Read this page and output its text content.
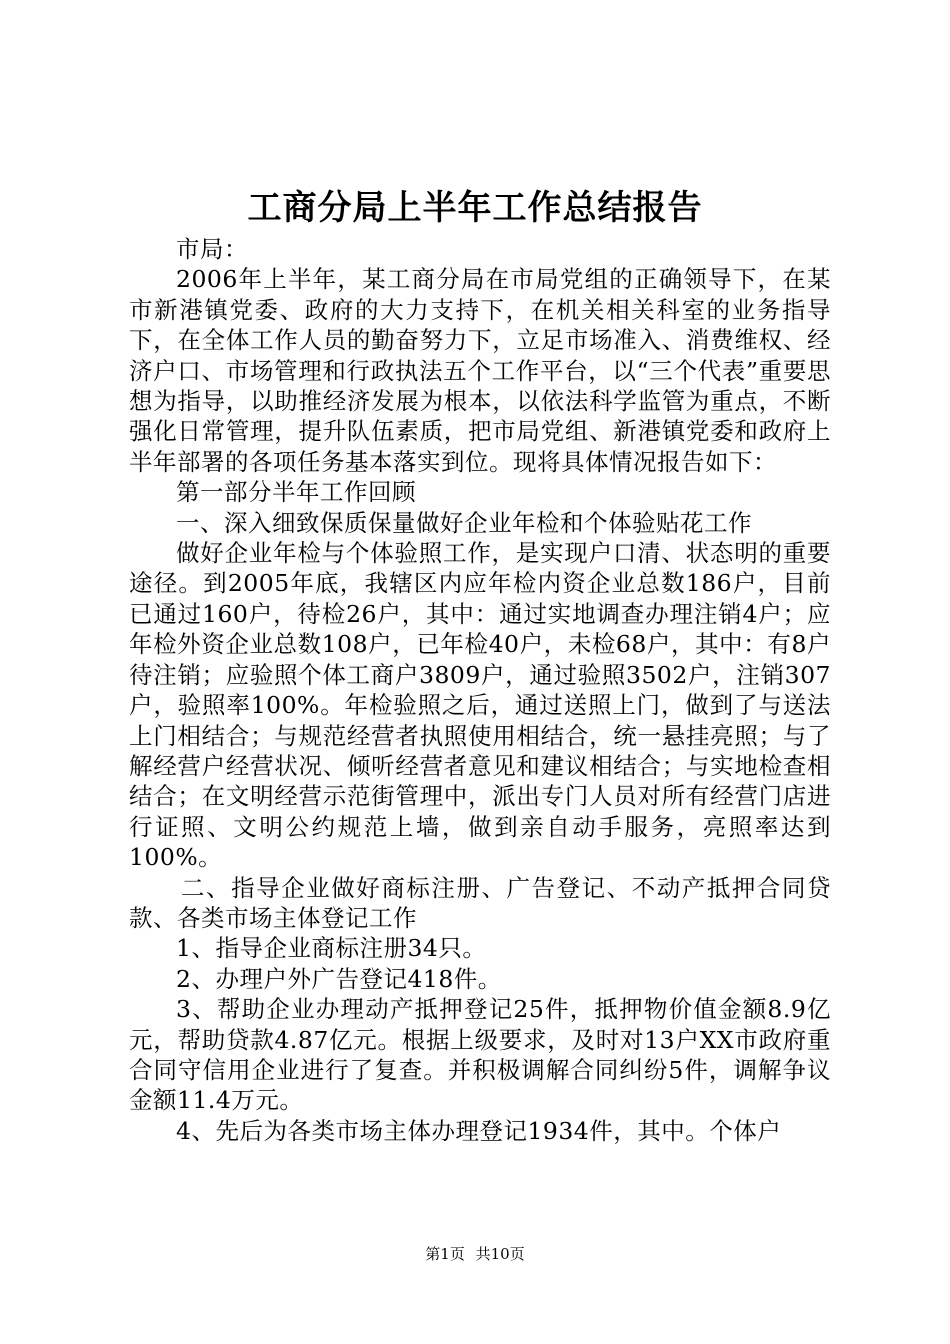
工商分局上半年工作总结报告

市局：

2006年上半年，某工商分局在市局党组的正确领导下，在某市新港镇党委、政府的大力支持下，在机关相关科室的业务指导下，在全体工作人员的勤奋努力下，立足市场准入、消费维权、经济户口、市场管理和行政执法五个工作平台，以“三个代表”重要思想为指导，以助推经济发展为根本，以依法科学监管为重点，不断强化日常管理，提升队伍素质，把市局党组、新港镇党委和政府上半年部署的各项任务基本落实到位。现将具体情况报告如下：

第一部分半年工作回顾

一、深入细致保质保量做好企业年检和个体验贴花工作

做好企业年检与个体验照工作，是实现户口清、状态明的重要途径。到2005年底，我辖区内应年检内资企业总数186户，目前已通过160户，待检26户，其中：通过实地调查办理注销4户；应年检外资企业总数108户，已年检40户，未检68户，其中：有8户待注销；应验照个体工商户3809户，通过验照3502户，注销307户，验照率100%。年检验照之后，通过送照上门，做到了与送法上门相结合；与规范经营者执照使用相结合，统一悬挂亮照；与了解经营户经营状况、倾听经营者意见和建议相结合；与实地检查相结合；在文明经营示范街管理中，派出专门人员对所有经营门店进行证照、文明公约规范上墙，做到亲自动手服务，亮照率达到100%。

二、指导企业做好商标注册、广告登记、不动产抵押合同贷款、各类市场主体登记工作

1、指导企业商标注册34只。

2、办理户外广告登记418件。

3、帮助企业办理动产抵押登记25件，抵押物价值金额8.9亿元，帮助贷款4.87亿元。根据上级要求，及时对13户XX市政府重合同守信用企业进行了复查。并积极调解合同纠纷5件，调解争议金额11.4万元。

4、先后为各类市场主体办理登记1934件，其中。个体户

第1页 共10页
